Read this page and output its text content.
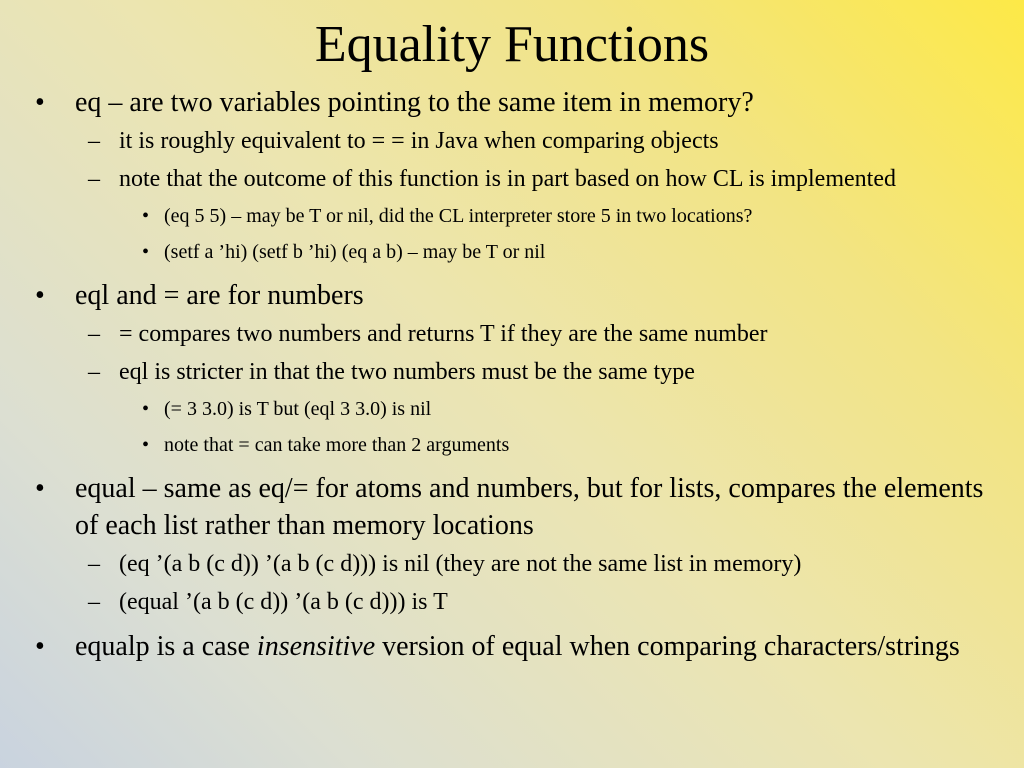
Equality Functions
• eq – are two variables pointing to the same item in memory?
– it is roughly equivalent to = = in Java when comparing objects
– note that the outcome of this function is in part based on how CL is implemented
• (eq 5 5) – may be T or nil, did the CL interpreter store 5 in two locations?
• (setf a ’hi) (setf b ’hi) (eq a b) – may be T or nil
• eql and = are for numbers
– = compares two numbers and returns T if they are the same number
– eql is stricter in that the two numbers must be the same type
• (= 3 3.0) is T but (eql 3 3.0) is nil
• note that = can take more than 2 arguments
• equal – same as eq/= for atoms and numbers, but for lists, compares the elements of each list rather than memory locations
– (eq ’(a b (c d)) ’(a b (c d))) is nil (they are not the same list in memory)
– (equal ’(a b (c d)) ’(a b (c d))) is T
• equalp is a case insensitive version of equal when comparing characters/strings
